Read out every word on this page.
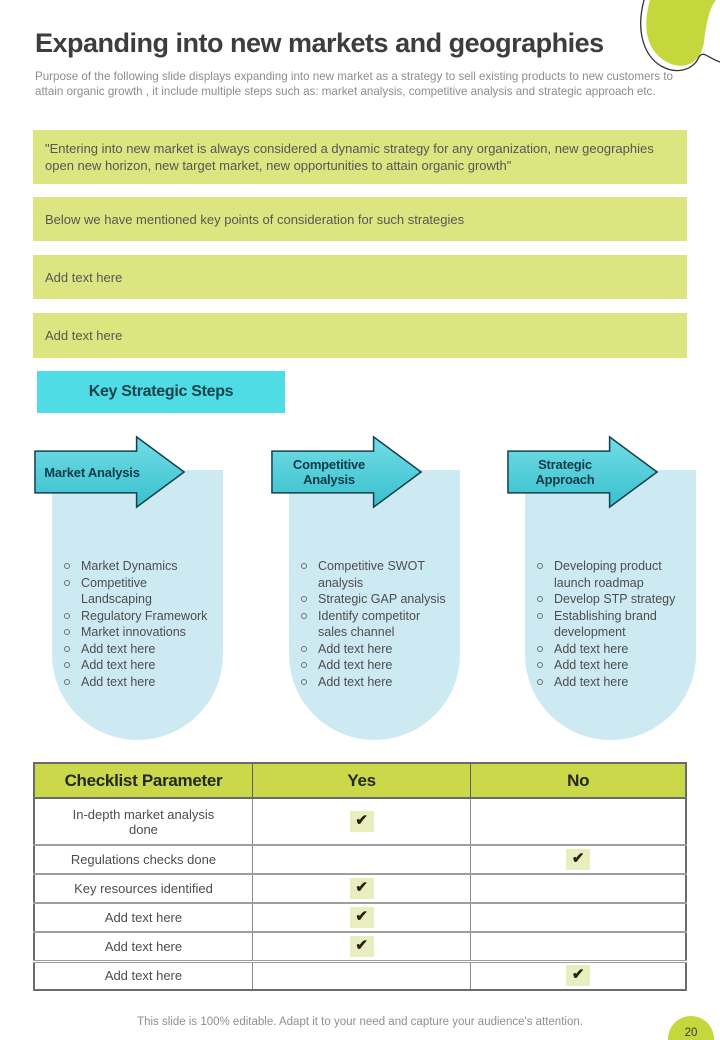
Expanding into new markets and geographies
Purpose of the following slide displays expanding into new market as a strategy to sell existing products to new customers to attain organic growth , it include multiple steps such as: market analysis, competitive analysis and strategic approach etc.
"Entering into new market is always considered a dynamic strategy for any organization, new geographies open new horizon, new target market, new opportunities to attain organic growth"
Below we have mentioned key points of consideration for such strategies
Add text here
Add text here
Key Strategic Steps
Market Analysis
Market Dynamics
Competitive Landscaping
Regulatory Framework
Market innovations
Add text here
Add text here
Add text here
Competitive Analysis
Competitive SWOT analysis
Strategic GAP analysis
Identify competitor sales channel
Add text here
Add text here
Add text here
Strategic Approach
Developing product launch roadmap
Develop STP strategy
Establishing brand development
Add text here
Add text here
Add text here
Checklist Parameter	Yes	No
In-depth market analysis done	✔	
Regulations checks done		✔
Key resources identified	✔	
Add text here	✔	
Add text here	✔	
Add text here		✔
This slide is 100% editable. Adapt it to your need and capture your audience's attention.
20
